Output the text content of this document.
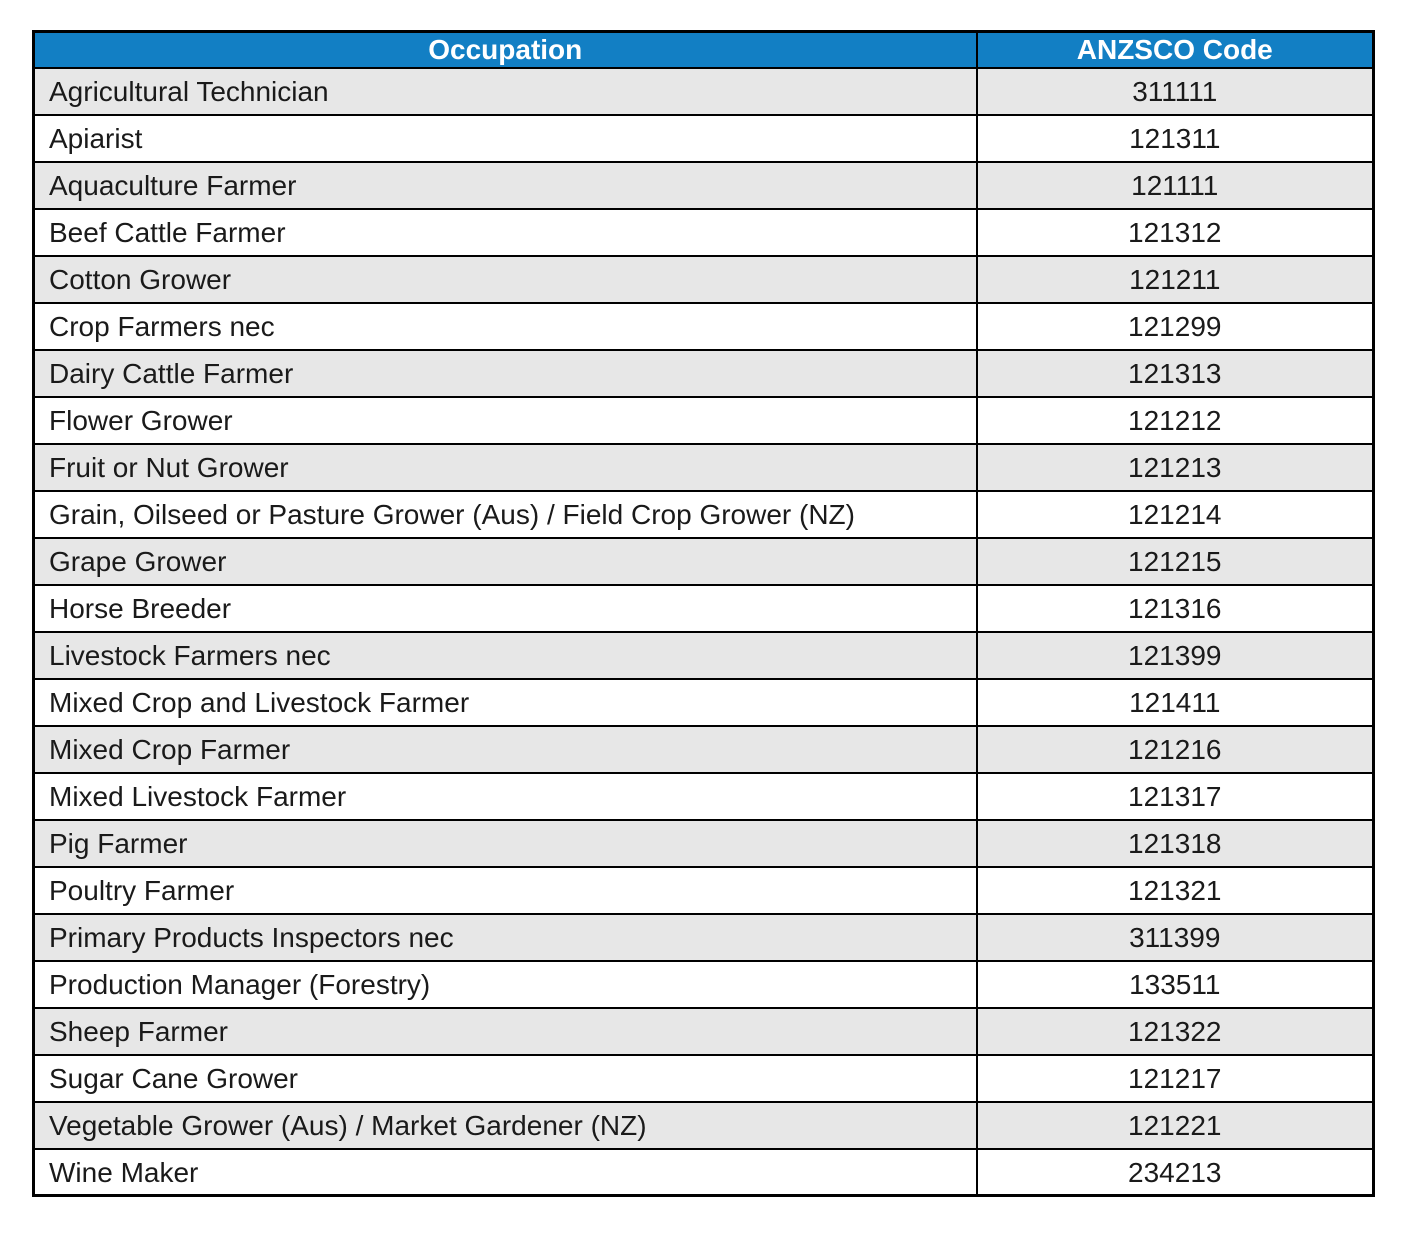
Occupation	ANZSCO Code
Agricultural Technician	311111
Apiarist	121311
Aquaculture Farmer	121111
Beef Cattle Farmer	121312
Cotton Grower	121211
Crop Farmers nec	121299
Dairy Cattle Farmer	121313
Flower Grower	121212
Fruit or Nut Grower	121213
Grain, Oilseed or Pasture Grower (Aus) / Field Crop Grower (NZ)	121214
Grape Grower	121215
Horse Breeder	121316
Livestock Farmers nec	121399
Mixed Crop and Livestock Farmer	121411
Mixed Crop Farmer	121216
Mixed Livestock Farmer	121317
Pig Farmer	121318
Poultry Farmer	121321
Primary Products Inspectors nec	311399
Production Manager (Forestry)	133511
Sheep Farmer	121322
Sugar Cane Grower	121217
Vegetable Grower (Aus) / Market Gardener (NZ)	121221
Wine Maker	234213
